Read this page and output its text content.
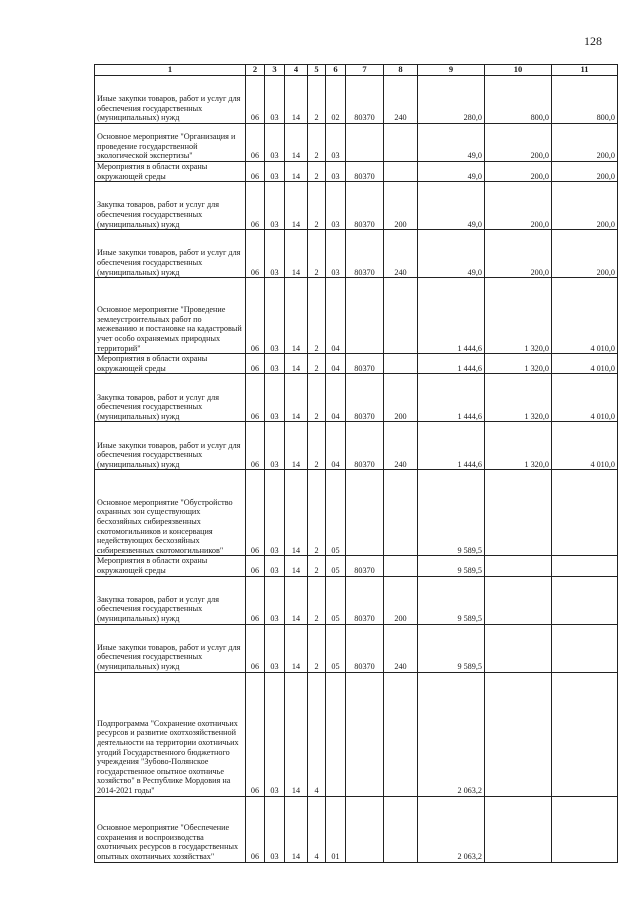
128
1	2	3	4	5	6	7	8	9	10	11
Иные закупки товаров, работ и услуг для обеспечения государственных (муниципальных) нужд	06	03	14	2	02	80370	240	280,0	800,0	800,0
Основное мероприятие "Организация и проведение государственной экологической экспертизы"	06	03	14	2	03			49,0	200,0	200,0
Мероприятия в области охраны окружающей среды	06	03	14	2	03	80370		49,0	200,0	200,0
Закупка товаров, работ и услуг для обеспечения государственных (муниципальных) нужд	06	03	14	2	03	80370	200	49,0	200,0	200,0
Иные закупки товаров, работ и услуг для обеспечения государственных (муниципальных) нужд	06	03	14	2	03	80370	240	49,0	200,0	200,0
Основное мероприятие "Проведение землеустроительных работ по межеванию и постановке на кадастровый учет особо охраняемых природных территорий"	06	03	14	2	04			1 444,6	1 320,0	4 010,0
Мероприятия в области охраны окружающей среды	06	03	14	2	04	80370		1 444,6	1 320,0	4 010,0
Закупка товаров, работ и услуг для обеспечения государственных (муниципальных) нужд	06	03	14	2	04	80370	200	1 444,6	1 320,0	4 010,0
Иные закупки товаров, работ и услуг для обеспечения государственных (муниципальных) нужд	06	03	14	2	04	80370	240	1 444,6	1 320,0	4 010,0
Основное мероприятие "Обустройство охранных зон существующих бесхозяйных сибиреязвенных скотомогильников и консервация недействующих бесхозяйных сибиреязвенных скотомогильников"	06	03	14	2	05			9 589,5		
Мероприятия в области охраны окружающей среды	06	03	14	2	05	80370		9 589,5		
Закупка товаров, работ и услуг для обеспечения государственных (муниципальных) нужд	06	03	14	2	05	80370	200	9 589,5		
Иные закупки товаров, работ и услуг для обеспечения государственных (муниципальных) нужд	06	03	14	2	05	80370	240	9 589,5		
Подпрограмма "Сохранение охотничьих ресурсов и развитие охотхозяйственной деятельности на территории охотничьих угодий Государственного бюджетного учреждения "Зубово-Полянское государственное опытное охотничье хозяйство" в Республике Мордовия на 2014-2021 годы"	06	03	14	4				2 063,2		
Основное мероприятие "Обеспечение сохранения и воспроизводства охотничьих ресурсов в государственных опытных охотничьих хозяйствах"	06	03	14	4	01			2 063,2		
